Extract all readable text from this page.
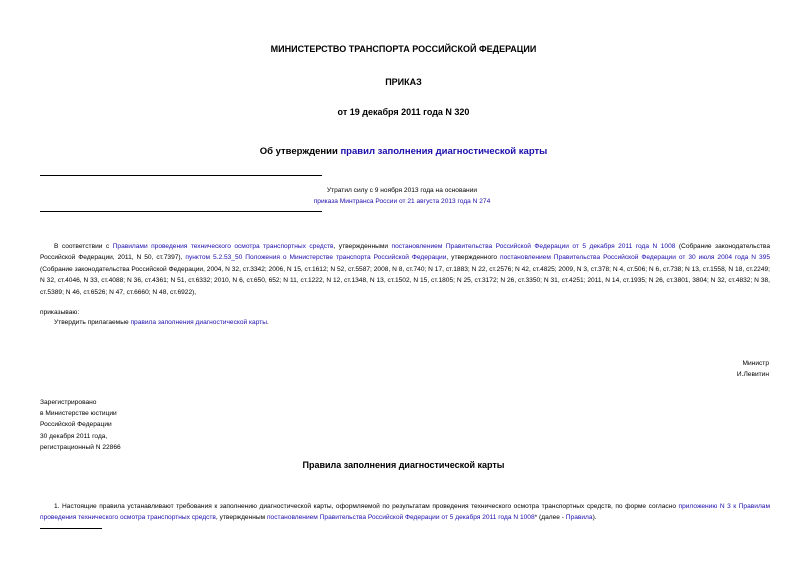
МИНИСТЕРСТВО ТРАНСПОРТА РОССИЙСКОЙ ФЕДЕРАЦИИ
ПРИКАЗ
от 19 декабря 2011 года N 320
Об утверждении правил заполнения диагностической карты
Утратил силу с 9 ноября 2013 года на основании
приказа Минтранса России от 21 августа 2013 года N 274
В соответствии с Правилами проведения технического осмотра транспортных средств, утвержденными постановлением Правительства Российской Федерации от 5 декабря 2011 года N 1008 (Собрание законодательства Российской Федерации, 2011, N 50, ст.7397), пунктом 5.2.53_50 Положения о Министерстве транспорта Российской Федерации, утвержденного постановлением Правительства Российской Федерации от 30 июля 2004 года N 395 (Собрание законодательства Российской Федерации, 2004, N 32, ст.3342; 2006, N 15, ст.1612; N 52, ст.5587; 2008, N 8, ст.740; N 17, ст.1883; N 22, ст.2576; N 42, ст.4825; 2009, N 3, ст.378; N 4, ст.506; N 6, ст.738; N 13, ст.1558, N 18, ст.2249; N 32, ст.4046, N 33, ст.4088; N 36, ст.4361; N 51, ст.6332; 2010, N 6, ст.650, 652; N 11, ст.1222, N 12, ст.1348, N 13, ст.1502, N 15, ст.1805; N 25, ст.3172; N 26, ст.3350; N 31, ст.4251; 2011, N 14, ст.1935; N 26, ст.3801, 3804; N 32, ст.4832; N 38, ст.5389; N 46, ст.6526; N 47, ст.6660; N 48, ст.6922),
приказываю:
Утвердить прилагаемые правила заполнения диагностической карты.
Министр
И.Левитин
Зарегистрировано
в Министерстве юстиции
Российской Федерации
30 декабря 2011 года,
регистрационный N 22866
Правила заполнения диагностической карты
1. Настоящие правила устанавливают требования к заполнению диагностической карты, оформляемой по результатам проведения технического осмотра транспортных средств, по форме согласно приложению N 3 к Правилам проведения технического осмотра транспортных средств, утвержденным постановлением Правительства Российской Федерации от 5 декабря 2011 года N 1008* (далее - Правила).
